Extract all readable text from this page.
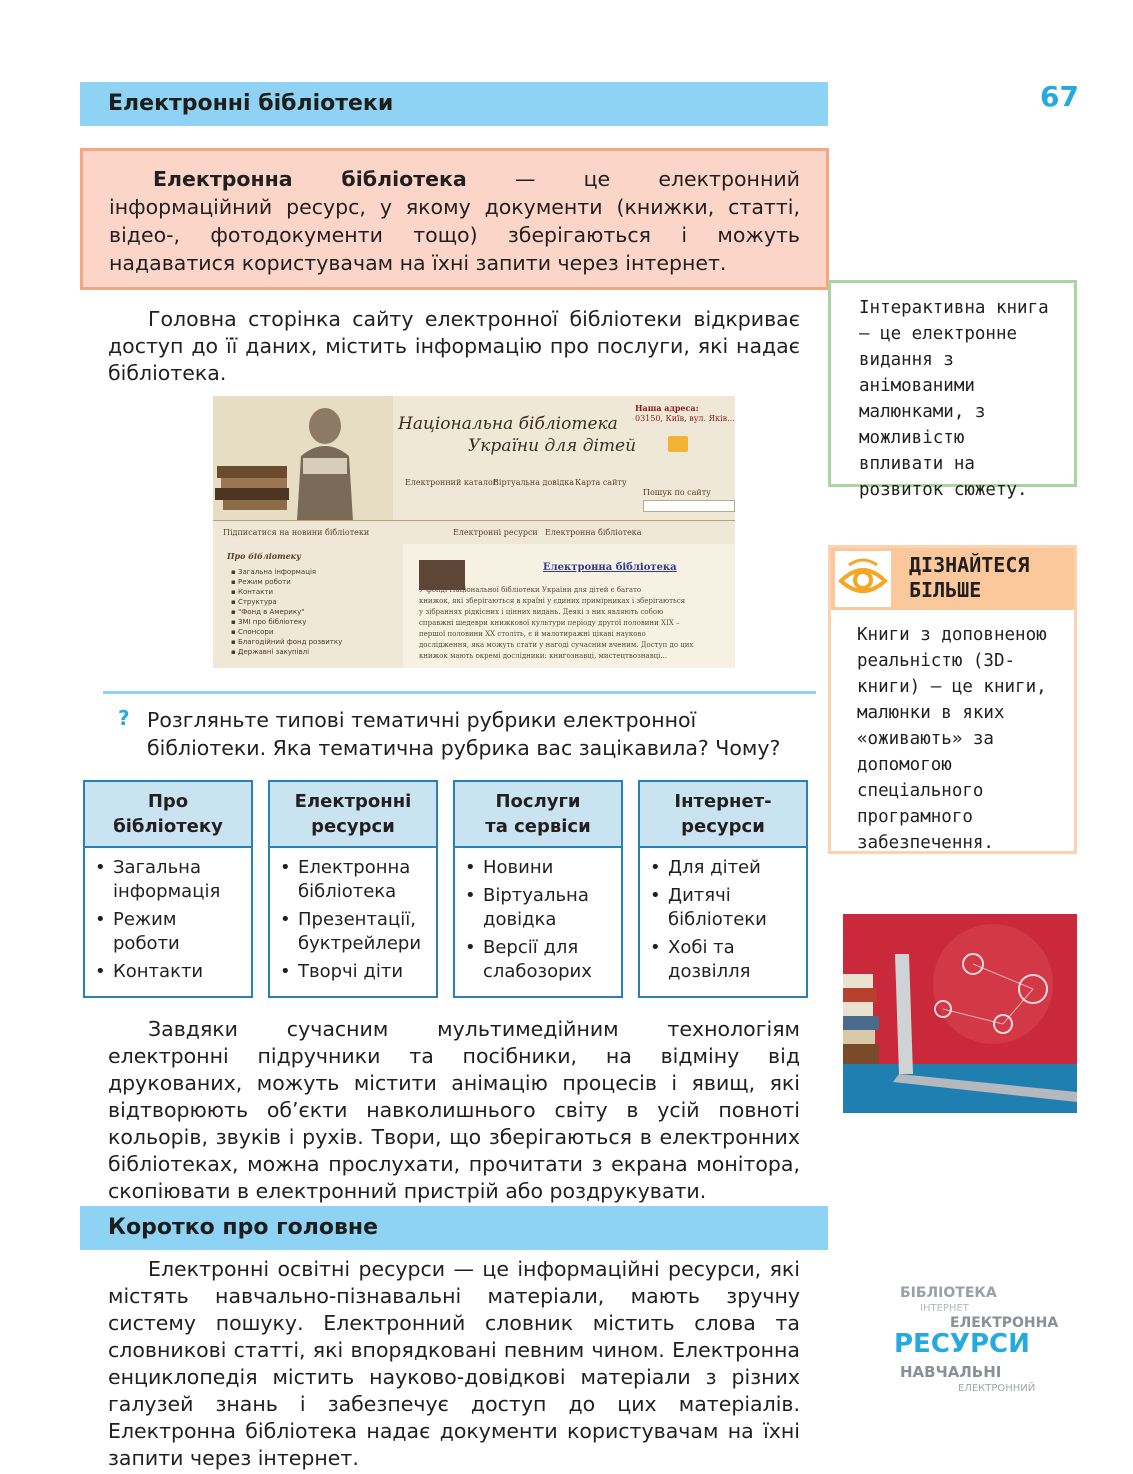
67
Електронні бібліотеки
Електронна бібліотека — це електронний інформаційний ресурс, у якому документи (книжки, статті, відео-, фотодокументи тощо) зберігаються і можуть надаватися користувачам на їхні запити через інтернет.
Головна сторінка сайту електронної бібліотеки відкриває доступ до її даних, містить інформацію про послуги, які надає бібліотека.
Національна бібліотека
України для дітей
Наша адреса:
03150, Київ, вул. Яків...
Електронний каталог
Віртуальна довідка Карта сайту
Пошук по сайту
Підписатися на новини бібліотеки	Електронні ресурси Електронна бібліотека
Про бібліотеку
▪ Загальна інформація
▪ Режим роботи
▪ Контакти
▪ Структура
▪ "Фонд в Америку"
▪ ЗМІ про бібліотеку
▪ Спонсори
▪ Благодійний фонд розвитку
▪ Державні закупівлі
Електронна бібліотека
У фонді Національної бібліотеки України для дітей є багато
книжок, які зберігаються в країні у єдиних примірниках і зберігаються
у зібраннях рідкісних і цінних видань. Деякі з них являють собою
справжні шедеври книжкової культури періоду другої половини XIX –
першої половини XX століть, є й малотиражні цікаві науково
дослідження, яка можуть стати у нагоді сучасним вченим. Доступ до цих
книжок мають окремі дослідники: книгознавці, мистецтвознавці...
? Розгляньте типові тематичні рубрики електронної бібліотеки. Яка тематична рубрика вас зацікавила? Чому?
Про
бібліотеку
• Загальна інформація
• Режим роботи
• Контакти
Електронні
ресурси
• Електронна бібліотека
• Презентації, буктрейлери
• Творчі діти
Послуги
та сервіси
• Новини
• Віртуальна довідка
• Версії для слабозорих
Інтернет-
ресурси
• Для дітей
• Дитячі бібліотеки
• Хобі та дозвілля
Завдяки сучасним мультимедійним технологіям електронні підручники та посібники, на відміну від друкованих, можуть містити анімацію процесів і явищ, які відтворюють об’єкти навколишнього світу в усій повноті кольорів, звуків і рухів. Твори, що зберігаються в електронних бібліотеках, можна прослухати, прочитати з екрана монітора, скопіювати в електронний пристрій або роздрукувати.
Коротко про головне
Електронні освітні ресурси — це інформаційні ресурси, які містять навчально-пізнавальні матеріали, мають зручну систему пошуку. Електронний словник містить слова та словникові статті, які впорядковані певним чином. Електронна енциклопедія містить науково-довідкові матеріали з різних галузей знань і забезпечує доступ до цих матеріалів. Електронна бібліотека надає документи користувачам на їхні запити через інтернет.
Інтерактивна книга — це електронне видання з анімованими малюнками, з можливістю впливати на розвиток сюжету.
ДІЗНАЙТЕСЯ
БІЛЬШЕ
Книги з доповненою реальністю (3D-книги) — це книги, малюнки в яких «оживають» за допомогою спеціального програмного забезпечення.
БІБЛІОТЕКА
ІНТЕРНЕТ
ЕЛЕКТРОННА
РЕСУРСИ
НАВЧАЛЬНІ
ЕЛЕКТРОННИЙ
